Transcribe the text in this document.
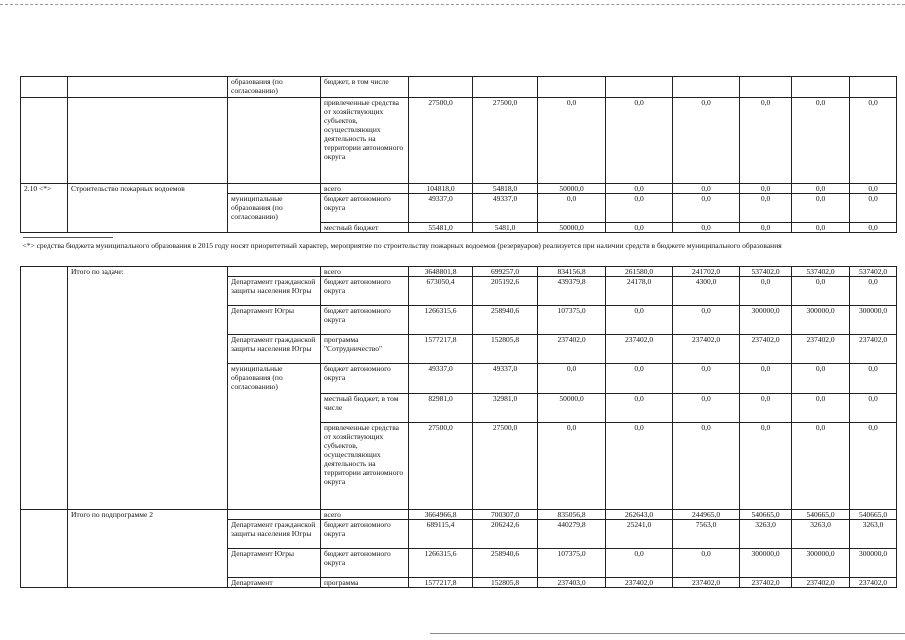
		образования (по согласованию)	бюджет, в том числе								
			привлеченные средства от хозяйствующих субъектов, осуществляющих деятельность на территории автономного округа	27500,0	27500,0	0,0	0,0	0,0	0,0	0,0	0,0
2.10 <*>	Строительство пожарных водоемов		всего	104818,0	54818,0	50000,0	0,0	0,0	0,0	0,0	0,0
		муниципальные образования (по согласованию)	бюджет автономного округа	49337,0	49337,0	0,0	0,0	0,0	0,0	0,0	0,0
			местный бюджет	55481,0	5481,0	50000,0	0,0	0,0	0,0	0,0	0,0

<*> средства бюджета муниципального образования в 2015 году носят приоритетный характер, мероприятие по строительству пожарных водоемов (резервуаров) реализуется при наличии средств в бюджете муниципального образования											
	Итого по задаче:		всего	3648801,8	699257,0	834156,8	261580,0	241702,0	537402,0	537402,0	537402,0
		Департамент гражданской защиты населения Югры	бюджет автономного округа	673050,4	205192,6	439379,8	24178,0	4300,0	0,0	0,0	0,0
		Департамент Югры	бюджет автономного округа	1266315,6	258940,6	107375,0	0,0	0,0	300000,0	300000,0	300000,0
		Департамент гражданской защиты населения Югры	программа "Сотрудничество"	1577217,8	152805,8	237402,0	237402,0	237402,0	237402,0	237402,0	237402,0
		муниципальные образования (по согласованию)	бюджет автономного округа	49337,0	49337,0	0,0	0,0	0,0	0,0	0,0	0,0
			местный бюджет, в том числе	82981,0	32981,0	50000,0	0,0	0,0	0,0	0,0	0,0
			привлеченные средства от хозяйствующих субъектов, осуществляющих деятельность на территории автономного округа	27500,0	27500,0	0,0	0,0	0,0	0,0	0,0	0,0
	Итого по подпрограмме 2		всего	3664966,8	700307,0	835056,8	262643,0	244965,0	540665,0	540665,0	540665,0
		Департамент гражданской защиты населения Югры	бюджет автономного округа	689115,4	206242,6	440279,8	25241,0	7563,0	3263,0	3263,0	3263,0
		Департамент Югры	бюджет автономного округа	1266315,6	258940,6	107375,0	0,0	0,0	300000,0	300000,0	300000,0
		Департамент	программа	1577217,8	152805,8	237403,0	237402,0	237402,0	237402,0	237402,0	237402,0
